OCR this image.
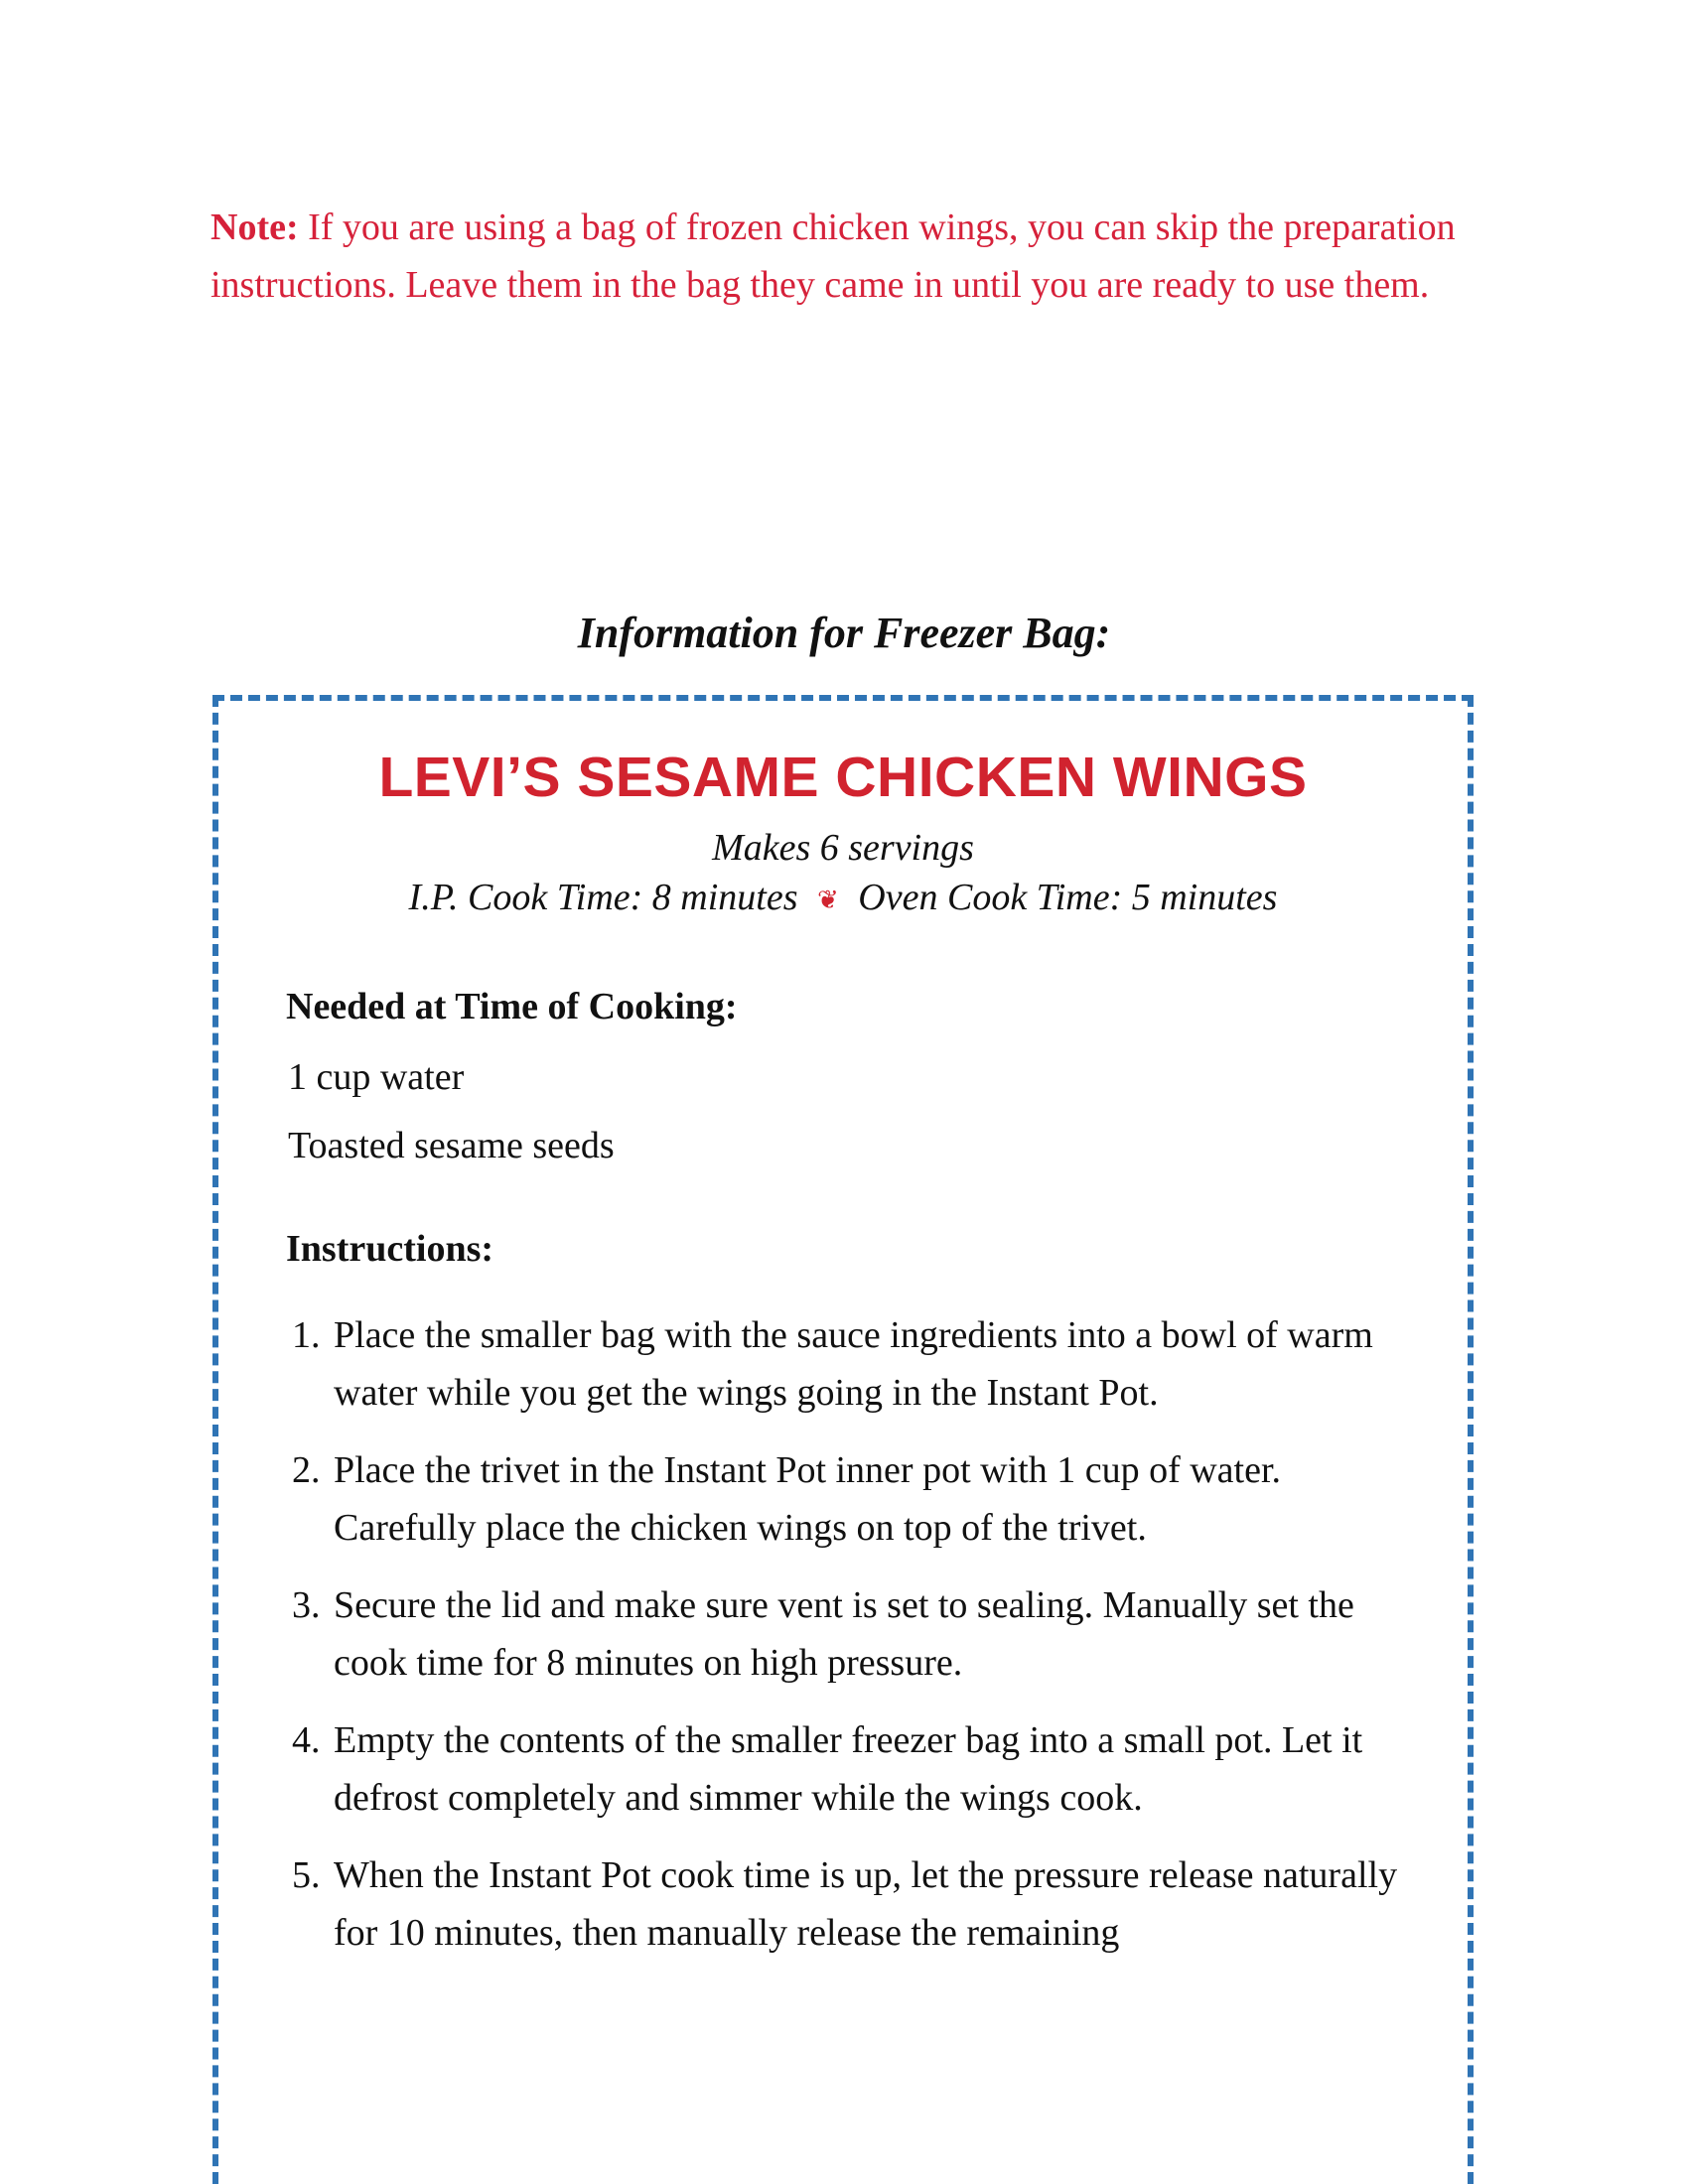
Note: If you are using a bag of frozen chicken wings, you can skip the preparation instructions. Leave them in the bag they came in until you are ready to use them.
Information for Freezer Bag:
LEVI’S SESAME CHICKEN WINGS
Makes 6 servings
I.P. Cook Time: 8 minutes ❦ Oven Cook Time: 5 minutes
Needed at Time of Cooking:
1 cup water
Toasted sesame seeds
Instructions:
1. Place the smaller bag with the sauce ingredients into a bowl of warm water while you get the wings going in the Instant Pot.
2. Place the trivet in the Instant Pot inner pot with 1 cup of water. Carefully place the chicken wings on top of the trivet.
3. Secure the lid and make sure vent is set to sealing. Manually set the cook time for 8 minutes on high pressure.
4. Empty the contents of the smaller freezer bag into a small pot. Let it defrost completely and simmer while the wings cook.
5. When the Instant Pot cook time is up, let the pressure release naturally for 10 minutes, then manually release the remaining
